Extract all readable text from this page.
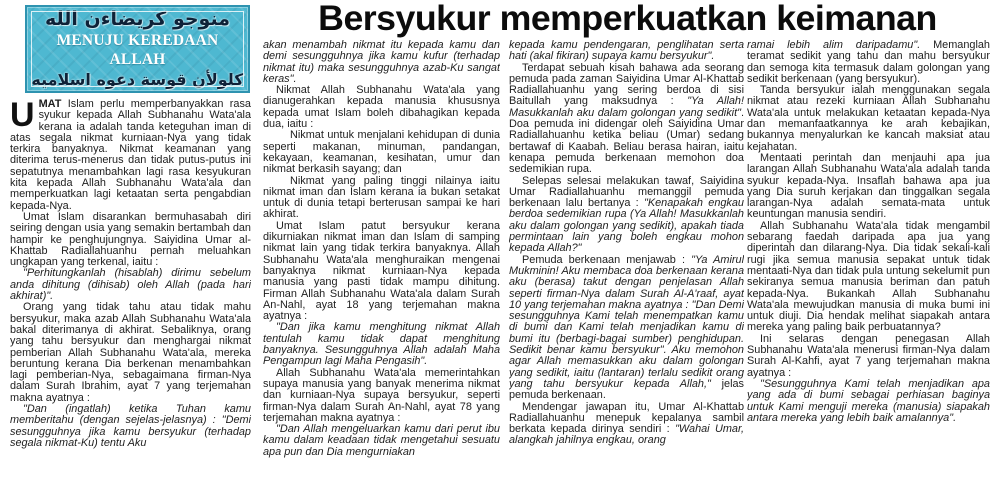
منوجو كريضاءن الله
MENUJU KEREDAAN ALLAH
كلولأن قوسة دعوه اسلاميه
Bersyukur memperkuatkan keimanan

UMAT Islam perlu memperbanyakkan rasa syukur kepada Allah Subhanahu Wata'ala kerana ia adalah tanda keteguhan iman di atas segala nikmat kurniaan-Nya yang tidak terkira banyaknya. Nikmat keamanan yang diterima terus-menerus dan tidak putus-putus ini sepatutnya menambahkan lagi rasa kesyukuran kita kepada Allah Subhanahu Wata'ala dan memperkuatkan lagi ketaatan serta pengabdian kepada-Nya.

Umat Islam disarankan bermuhasabah diri seiring dengan usia yang semakin bertambah dan hampir ke penghujungnya. Saiyidina Umar al-Khattab Radiallahuanhu pernah meluahkan ungkapan yang terkenal, iaitu :

"Perhitungkanlah (hisablah) dirimu sebelum anda dihitung (dihisab) oleh Allah (pada hari akhirat)".

Orang yang tidak tahu atau tidak mahu bersyukur, maka azab Allah Subhanahu Wata'ala bakal diterimanya di akhirat. Sebaliknya, orang yang tahu bersyukur dan menghargai nikmat pemberian Allah Subhanahu Wata'ala, mereka beruntung kerana Dia berkenan menambahkan lagi pemberian-Nya, sebagaimana firman-Nya dalam Surah Ibrahim, ayat 7 yang terjemahan makna ayatnya :

"Dan (ingatlah) ketika Tuhan kamu memberitahu (dengan sejelas-jelasnya) : "Demi sesungguhnya jika kamu bersyukur (terhadap segala nikmat-Ku) tentu Aku

akan menambah nikmat itu kepada kamu dan demi sesungguhnya jika kamu kufur (terhadap nikmat itu) maka sesungguhnya azab-Ku sangat keras".

Nikmat Allah Subhanahu Wata'ala yang dianugerahkan kepada manusia khususnya kepada umat Islam boleh dibahagikan kepada dua, iaitu :

Nikmat untuk menjalani kehidupan di dunia seperti makanan, minuman, pandangan, kekayaan, keamanan, kesihatan, umur dan nikmat berkasih sayang; dan

Nikmat yang paling tinggi nilainya iaitu nikmat iman dan Islam kerana ia bukan setakat untuk di dunia tetapi berterusan sampai ke hari akhirat.

Umat Islam patut bersyukur kerana dikurniakan nikmat iman dan Islam di samping nikmat lain yang tidak terkira banyaknya. Allah Subhanahu Wata'ala menghuraikan mengenai banyaknya nikmat kurniaan-Nya kepada manusia yang pasti tidak mampu dihitung. Firman Allah Subhanahu Wata'ala dalam Surah An-Nahl, ayat 18 yang terjemahan makna ayatnya :

"Dan jika kamu menghitung nikmat Allah tentulah kamu tidak dapat menghitung banyaknya. Sesungguhnya Allah adalah Maha Pengampun lagi Maha Pengasih".

Allah Subhanahu Wata'ala memerintahkan supaya manusia yang banyak menerima nikmat dan kurniaan-Nya supaya bersyukur, seperti firman-Nya dalam Surah An-Nahl, ayat 78 yang terjemahan makna ayatnya :

"Dan Allah mengeluarkan kamu dari perut ibu kamu dalam keadaan tidak mengetahui sesuatu apa pun dan Dia mengurniakan

kepada kamu pendengaran, penglihatan serta hati (akal fikiran) supaya kamu bersyukur".

Terdapat sebuah kisah bahawa ada seorang pemuda pada zaman Saiyidina Umar Al-Khattab Radiallahuanhu yang sering berdoa di sisi Baitullah yang maksudnya : "Ya Allah! Masukkanlah aku dalam golongan yang sedikit". Doa pemuda ini didengar oleh Saiyidina Umar Radiallahuanhu ketika beliau (Umar) sedang bertawaf di Kaabah. Beliau berasa hairan, iaitu kenapa pemuda berkenaan memohon doa sedemikian rupa.

Selepas selesai melakukan tawaf, Saiyidina Umar Radiallahuanhu memanggil pemuda berkenaan lalu bertanya : "Kenapakah engkau berdoa sedemikian rupa (Ya Allah! Masukkanlah aku dalam golongan yang sedikit), apakah tiada permintaan lain yang boleh engkau mohon kepada Allah?"

Pemuda berkenaan menjawab : "Ya Amirul Mukminin! Aku membaca doa berkenaan kerana aku (berasa) takut dengan penjelasan Allah seperti firman-Nya dalam Surah Al-A'raaf, ayat 10 yang terjemahan makna ayatnya : "Dan Demi sesungguhnya Kami telah menempatkan kamu di bumi dan Kami telah menjadikan kamu di bumi itu (berbagi-bagai sumber) penghidupan. Sedikit benar kamu bersyukur". Aku memohon agar Allah memasukkan aku dalam golongan yang sedikit, iaitu (lantaran) terlalu sedikit orang yang tahu bersyukur kepada Allah," jelas pemuda berkenaan.

Mendengar jawapan itu, Umar Al-Khattab Radiallahuanhu menepuk kepalanya sambil berkata kepada dirinya sendiri : "Wahai Umar, alangkah jahilnya engkau, orang

ramai lebih alim daripadamu". Memanglah teramat sedikit yang tahu dan mahu bersyukur dan semoga kita termasuk dalam golongan yang sedikit berkenaan (yang bersyukur).

Tanda bersyukur ialah menggunakan segala nikmat atau rezeki kurniaan Allah Subhanahu Wata'ala untuk melakukan ketaatan kepada-Nya dan memanfaatkannya ke arah kebajikan, bukannya menyalurkan ke kancah maksiat atau kejahatan.

Mentaati perintah dan menjauhi apa jua larangan Allah Subhanahu Wata'ala adalah tanda syukur kepada-Nya. Insaflah bahawa apa jua yang Dia suruh kerjakan dan tinggalkan segala larangan-Nya adalah semata-mata untuk keuntungan manusia sendiri.

Allah Subhanahu Wata'ala tidak mengambil sebarang faedah daripada apa jua yang diperintah dan dilarang-Nya. Dia tidak sekali-kali rugi jika semua manusia sepakat untuk tidak mentaati-Nya dan tidak pula untung sekelumit pun sekiranya semua manusia beriman dan patuh kepada-Nya. Bukankah Allah Subhanahu Wata'ala mewujudkan manusia di muka bumi ini untuk diuji. Dia hendak melihat siapakah antara mereka yang paling baik perbuatannya?

Ini selaras dengan penegasan Allah Subhanahu Wata'ala menerusi firman-Nya dalam Surah Al-Kahfi, ayat 7 yang terjemahan makna ayatnya :

"Sesungguhnya Kami telah menjadikan apa yang ada di bumi sebagai perhiasan baginya untuk Kami menguji mereka (manusia) siapakah antara mereka yang lebih baik amalannya".
